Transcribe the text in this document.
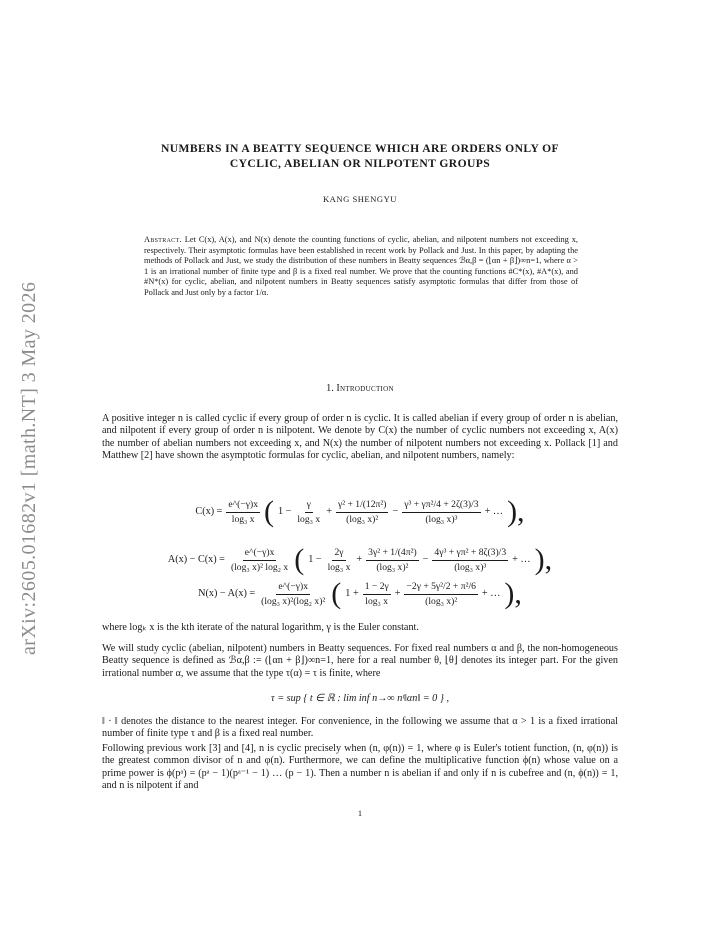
arXiv:2605.01682v1 [math.NT] 3 May 2026
NUMBERS IN A BEATTY SEQUENCE WHICH ARE ORDERS ONLY OF
CYCLIC, ABELIAN OR NILPOTENT GROUPS
KANG SHENGYU
Abstract. Let C(x), A(x), and N(x) denote the counting functions of cyclic, abelian, and nilpotent numbers not exceeding x, respectively. Their asymptotic formulas have been established in recent work by Pollack and Just. In this paper, by adapting the methods of Pollack and Just, we study the distribution of these numbers in Beatty sequences ℬα,β = (⌊αn + β⌋)∞n=1, where α > 1 is an irrational number of finite type and β is a fixed real number. We prove that the counting functions #C*(x), #A*(x), and #N*(x) for cyclic, abelian, and nilpotent numbers in Beatty sequences satisfy asymptotic formulas that differ from those of Pollack and Just only by a factor 1/α.
1. Introduction
A positive integer n is called cyclic if every group of order n is cyclic. It is called abelian if every group of order n is abelian, and nilpotent if every group of order n is nilpotent. We denote by C(x) the number of cyclic numbers not exceeding x, A(x) the number of abelian numbers not exceeding x, and N(x) the number of nilpotent numbers not exceeding x. Pollack [1] and Matthew [2] have shown the asymptotic formulas for cyclic, abelian, and nilpotent numbers, namely:
$C(x) = \frac{e\^{}(-\gamma)x}{\text{log₃ x}}$ ( $1 - \frac{\gamma}{\text{log₃ x}} + \frac{\text{γ² + 1/(12π²)}}{\text{(log₃ x)²}} - \frac{\text{γ³ + γπ²/4 + 2ζ(3)/3}}{\text{(log₃ x)³}}$ + … ),
$A(x) - C(x) = \frac{e\^{}(-\gamma)x}{\text{(log₃ x)² log₂ x}}$ ( $1 - \frac{2\gamma}{\text{log₃ x}} + \frac{\text{3γ² + 1/(4π²)}}{\text{(log₃ x)²}} - \frac{\text{4γ³ + γπ² + 8ζ(3)/3}}{\text{(log₃ x)³}}$ + … ),
$N(x) - A(x) = \frac{e\^{}(-\gamma)x}{\text{(log₃ x)²(log₂ x)²}}$ ( $1 + \frac{1 - 2\gamma}{\text{log₃ x}} + \frac{\text{−2γ + 5γ²/2 + π²/6}}{\text{(log₃ x)²}}$ + … ),
where logₖ x is the kth iterate of the natural logarithm, γ is the Euler constant.
We will study cyclic (abelian, nilpotent) numbers in Beatty sequences. For fixed real numbers α and β, the non-homogeneous Beatty sequence is defined as ℬα,β := (⌊αn + β⌋)∞n=1, here for a real number θ, ⌊θ⌋ denotes its integer part. For the given irrational number α, we assume that the type τ(α) = τ is finite, where
τ = sup { t ∈ ℝ : lim inf n→∞ nᵗ‖αn‖ = 0 } ,
‖ · ‖ denotes the distance to the nearest integer. For convenience, in the following we assume that α > 1 is a fixed irrational number of finite type τ and β is a fixed real number.
Following previous work [3] and [4], n is cyclic precisely when (n, φ(n)) = 1, where φ is Euler's totient function, (n, φ(n)) is the greatest common divisor of n and φ(n). Furthermore, we can define the multiplicative function ϕ(n) whose value on a prime power is ϕ(pᵃ) = (pᵃ − 1)(pᵃ⁻¹ − 1) … (p − 1). Then a number n is abelian if and only if n is cubefree and (n, ϕ(n)) = 1, and n is nilpotent if and
1
